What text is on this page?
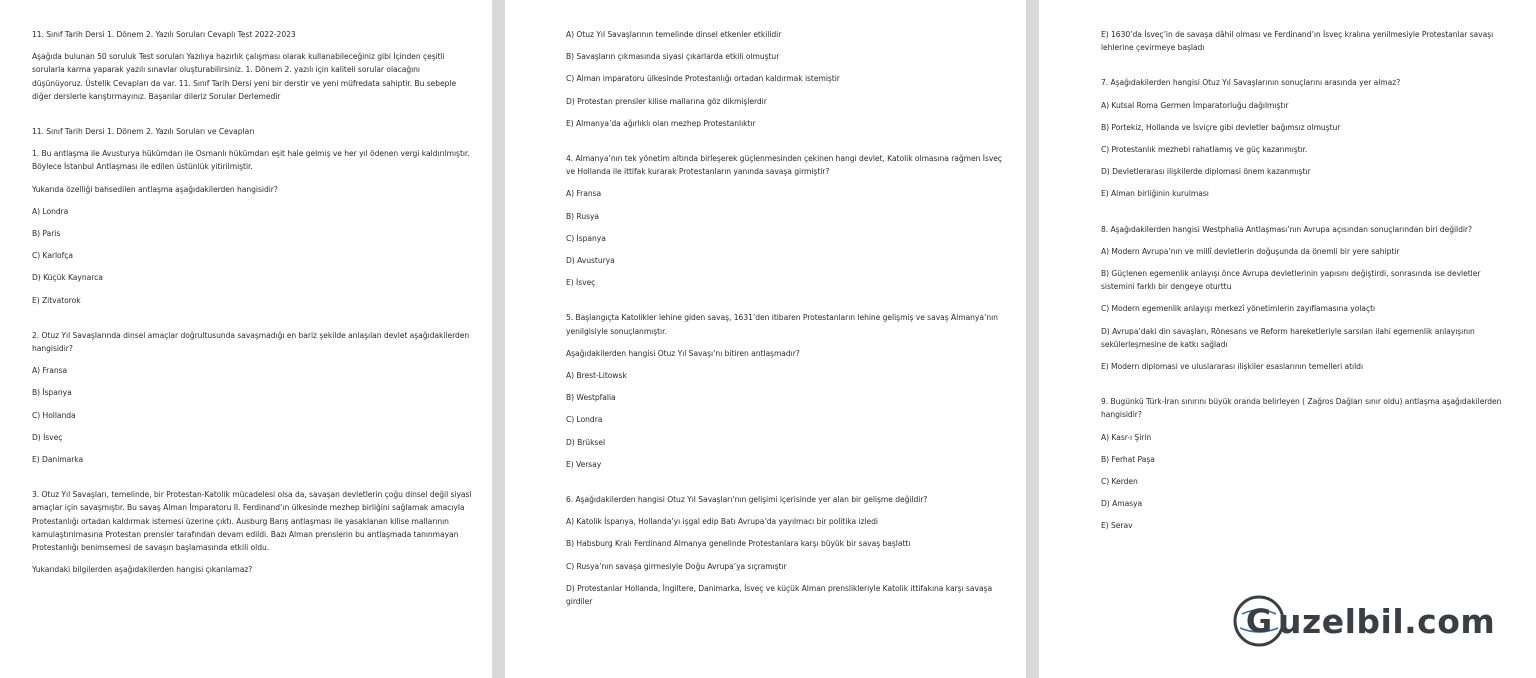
11. Sınıf Tarih Dersi 1. Dönem 2. Yazılı Soruları Cevaplı Test 2022-2023

Aşağıda bulunan 50 soruluk Test soruları Yazılıya hazırlık çalışması olarak kullanabileceğiniz gibi İçinden çeşitli sorularla karma yaparak yazılı sınavlar oluşturabilirsiniz. 1. Dönem 2. yazılı için kaliteli sorular olacağını düşünüyoruz. Üstelik Cevapları da var. 11. Sınıf Tarih Dersi yeni bir derstir ve yeni müfredata sahiptir. Bu sebeple diğer derslerle karıştırmayınız. Başarılar dileriz Sorular Derlemedir

11. Sınıf Tarih Dersi 1. Dönem 2. Yazılı Soruları ve Cevapları

1. Bu antlaşma ile Avusturya hükümdarı ile Osmanlı hükümdarı eşit hale gelmiş ve her yıl ödenen vergi kaldırılmıştır. Böylece İstanbul Antlaşması ile edilen üstünlük yitirilmiştir.

Yukarıda özelliği bahsedilen antlaşma aşağıdakilerden hangisidir?

A) Londra

B) Paris

C) Karlofça

D) Küçük Kaynarca

E) Zitvatorok

2. Otuz Yıl Savaşlarında dinsel amaçlar doğrultusunda savaşmadığı en bariz şekilde anlaşılan devlet aşağıdakilerden hangisidir?

A) Fransa

B) İspanya

C) Hollanda

D) İsveç

E) Danimarka

3. Otuz Yıl Savaşları, temelinde, bir Protestan-Katolik mücadelesi olsa da, savaşan devletlerin çoğu dinsel değil siyasi amaçlar için savaşmıştır. Bu savaş Alman İmparatoru II. Ferdinand’ın ülkesinde mezhep birliğini sağlamak amacıyla Protestanlığı ortadan kaldırmak istemesi üzerine çıktı. Ausburg Barış antlaşması ile yasaklanan kilise mallarının kamulaştırılmasına Protestan prensler tarafından devam edildi. Bazı Alman prenslerin bu antlaşmada tanınmayan Protestanlığı benimsemesi de savaşın başlamasında etkili oldu.

Yukarıdaki bilgilerden aşağıdakilerden hangisi çıkarılamaz?

A) Otuz Yıl Savaşlarının temelinde dinsel etkenler etkilidir

B) Savaşların çıkmasında siyasi çıkarlarda etkili olmuştur

C) Alman imparatoru ülkesinde Protestanlığı ortadan kaldırmak istemiştir

D) Protestan prensler kilise mallarına göz dikmişlerdir

E) Almanya’da ağırlıklı olan mezhep Protestanlıktır

4. Almanya’nın tek yönetim altında birleşerek güçlenmesinden çekinen hangi devlet, Katolik olmasına rağmen İsveç ve Hollanda ile ittifak kurarak Protestanların yanında savaşa girmiştir?

A) Fransa

B) Rusya

C) İspanya

D) Avusturya

E) İsveç

5. Başlangıçta Katolikler lehine giden savaş, 1631’den itibaren Protestanların lehine gelişmiş ve savaş Almanya’nın yenilgisiyle sonuçlanmıştır.

Aşağıdakilerden hangisi Otuz Yıl Savaşı’nı bitiren antlaşmadır?

A) Brest-Litowsk

B) Westpfalia

C) Londra

D) Brüksel

E) Versay

6. Aşağıdakilerden hangisi Otuz Yıl Savaşları’nın gelişimi içerisinde yer alan bir gelişme değildir?

A) Katolik İspanya, Hollanda’yı işgal edip Batı Avrupa’da yayılmacı bir politika izledi

B) Habsburg Kralı Ferdinand Almanya genelinde Protestanlara karşı büyük bir savaş başlattı

C) Rusya’nın savaşa girmesiyle Doğu Avrupa’ya sıçramıştır

D) Protestanlar Hollanda, İngiltere, Danimarka, İsveç ve küçük Alman prenslikleriyle Katolik ittifakına karşı savaşa girdiler

E) 1630’da İsveç’in de savaşa dâhil olması ve Ferdinand’ın İsveç kralına yenilmesiyle Protestanlar savaşı lehlerine çevirmeye başladı

7. Aşağıdakilerden hangisi Otuz Yıl Savaşlarının sonuçlarını arasında yer almaz?

A) Kutsal Roma Germen İmparatorluğu dağılmıştır

B) Portekiz, Hollanda ve İsviçre gibi devletler bağımsız olmuştur

C) Protestanlık mezhebi rahatlamış ve güç kazanmıştır.

D) Devletlerarası ilişkilerde diplomasi önem kazanmıştır

E) Alman birliğinin kurulması

8. Aşağıdakilerden hangisi Westphalia Antlaşması’nın Avrupa açısından sonuçlarından biri değildir?

A) Modern Avrupa’nın ve millî devletlerin doğuşunda da önemli bir yere sahiptir

B) Güçlenen egemenlik anlayışı önce Avrupa devletlerinin yapısını değiştirdi, sonrasında ise devletler sistemini farklı bir dengeye oturttu

C) Modern egemenlik anlayışı merkezî yönetimlerin zayıflamasına yolaçtı

D) Avrupa’daki din savaşları, Rönesans ve Reform hareketleriyle sarsılan ilahi egemenlik anlayışının sekülerleşmesine de katkı sağladı

E) Modern diplomasi ve uluslararası ilişkiler esaslarının temelleri atıldı

9. Bugünkü Türk-İran sınırını büyük oranda belirleyen ( Zağros Dağları sınır oldu) antlaşma aşağıdakilerden hangisidir?

A) Kasr-ı Şirin

B) Ferhat Paşa

C) Kerden

D) Amasya

E) Serav

G uzelbil.com
